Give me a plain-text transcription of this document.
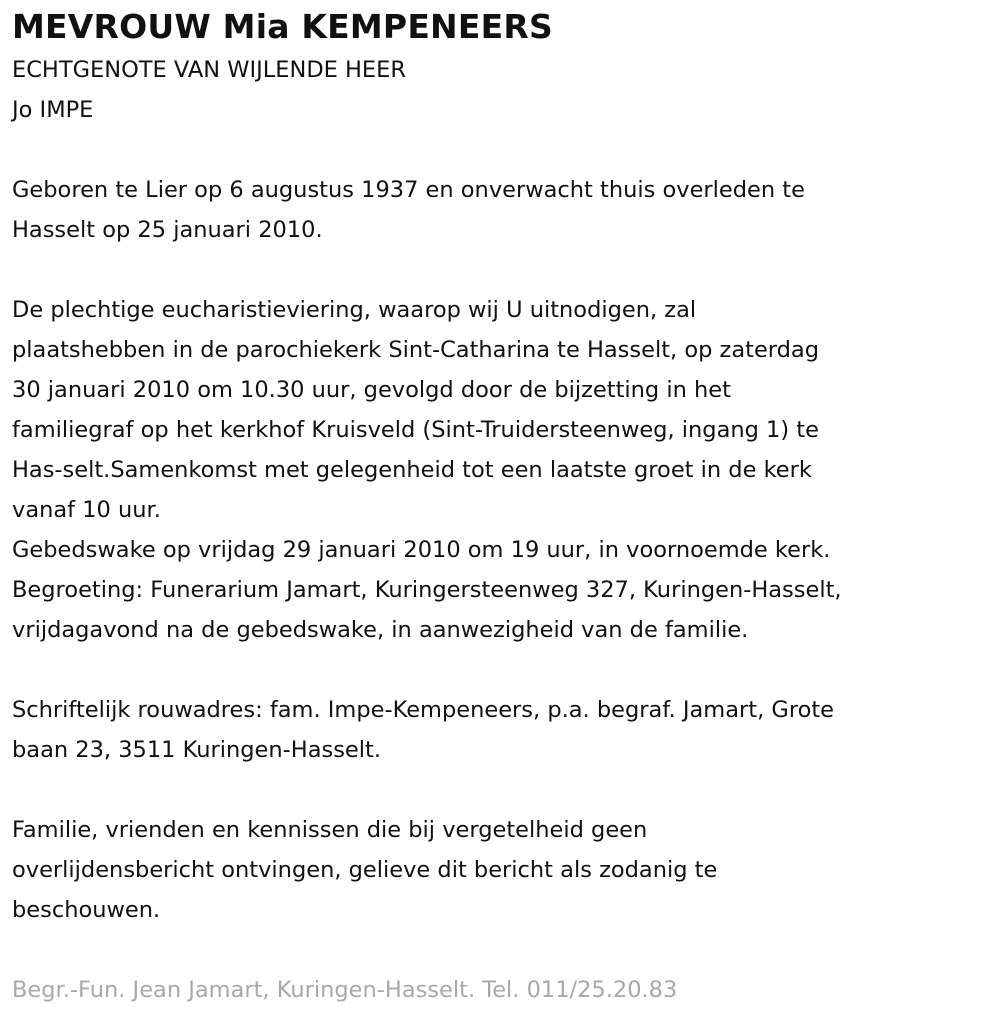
MEVROUW Mia KEMPENEERS
ECHTGENOTE VAN WIJLENDE HEER
Jo IMPE
Geboren te Lier op 6 augustus 1937 en onverwacht thuis overleden te
Hasselt op 25 januari 2010.
De plechtige eucharistieviering, waarop wij U uitnodigen, zal
plaatshebben in de parochiekerk Sint-Catharina te Hasselt, op zaterdag
30 januari 2010 om 10.30 uur, gevolgd door de bijzetting in het
familiegraf op het kerkhof Kruisveld (Sint-Truidersteenweg, ingang 1) te
Has-selt.Samenkomst met gelegenheid tot een laatste groet in de kerk
vanaf 10 uur.
Gebedswake op vrijdag 29 januari 2010 om 19 uur, in voornoemde kerk.
Begroeting: Funerarium Jamart, Kuringersteenweg 327, Kuringen-Hasselt,
vrijdagavond na de gebedswake, in aanwezigheid van de familie.
Schriftelijk rouwadres: fam. Impe-Kempeneers, p.a. begraf. Jamart, Grote
baan 23, 3511 Kuringen-Hasselt.
Familie, vrienden en kennissen die bij vergetelheid geen
overlijdensbericht ontvingen, gelieve dit bericht als zodanig te
beschouwen.
Begr.-Fun. Jean Jamart, Kuringen-Hasselt. Tel. 011/25.20.83
